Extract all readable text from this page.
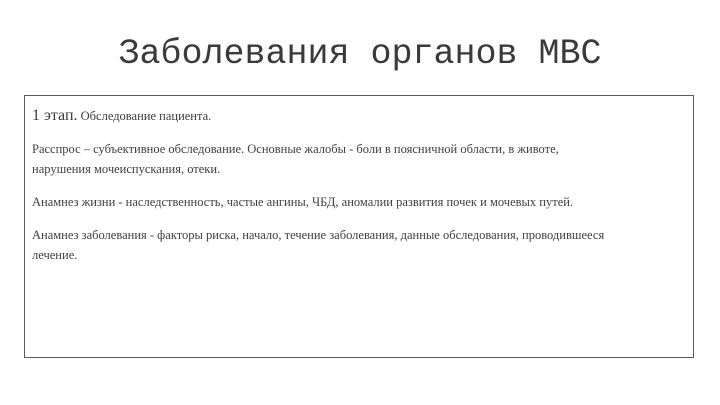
Заболевания органов МВС
1 этап. Обследование пациента.
Расспрос – субъективное обследование. Основные жалобы - боли в поясничной области, в животе,
нарушения мочеиспускания, отеки.
Анамнез жизни - наследственность, частые ангины, ЧБД, аномалии развития почек и мочевых путей.
Анамнез заболевания - факторы риска, начало, течение заболевания, данные обследования, проводившееся
лечение.
